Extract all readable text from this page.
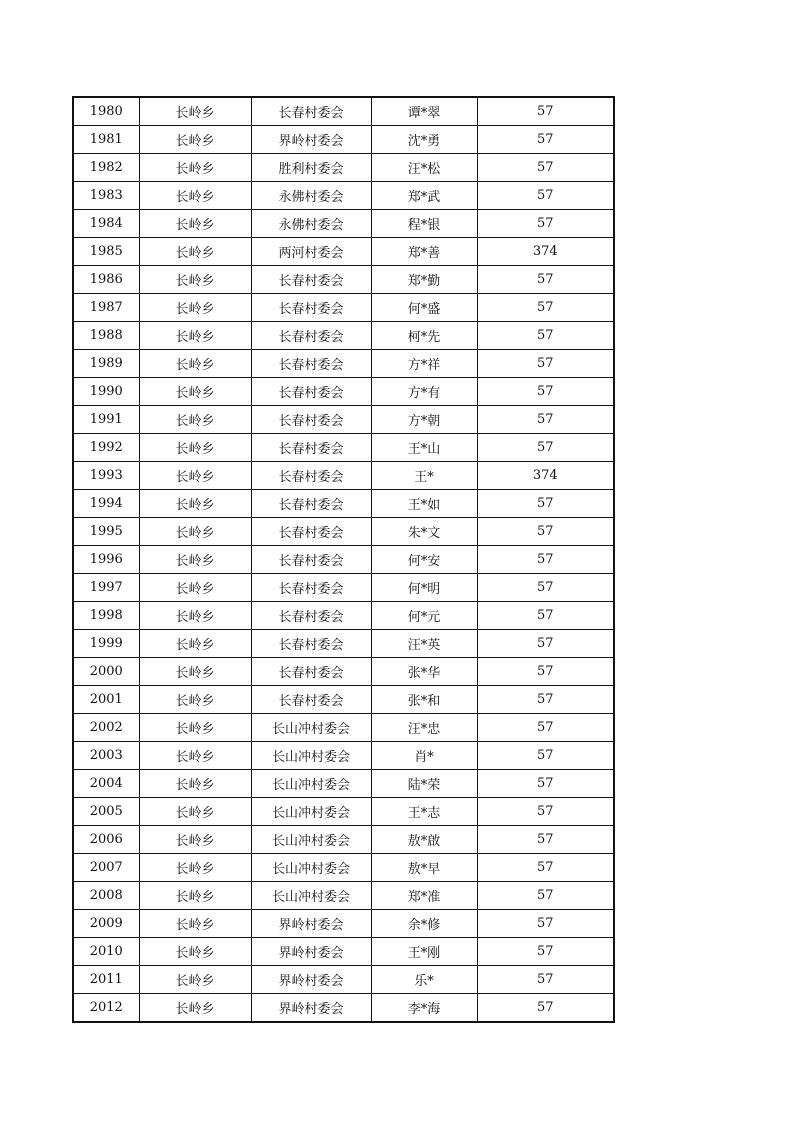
1980	长岭乡	长春村委会	谭*翠	57
1981	长岭乡	界岭村委会	沈*勇	57
1982	长岭乡	胜利村委会	汪*松	57
1983	长岭乡	永佛村委会	郑*武	57
1984	长岭乡	永佛村委会	程*银	57
1985	长岭乡	两河村委会	郑*善	374
1986	长岭乡	长春村委会	郑*勤	57
1987	长岭乡	长春村委会	何*盛	57
1988	长岭乡	长春村委会	柯*先	57
1989	长岭乡	长春村委会	方*祥	57
1990	长岭乡	长春村委会	方*有	57
1991	长岭乡	长春村委会	方*朝	57
1992	长岭乡	长春村委会	王*山	57
1993	长岭乡	长春村委会	王*	374
1994	长岭乡	长春村委会	王*如	57
1995	长岭乡	长春村委会	朱*文	57
1996	长岭乡	长春村委会	何*安	57
1997	长岭乡	长春村委会	何*明	57
1998	长岭乡	长春村委会	何*元	57
1999	长岭乡	长春村委会	汪*英	57
2000	长岭乡	长春村委会	张*华	57
2001	长岭乡	长春村委会	张*和	57
2002	长岭乡	长山冲村委会	汪*忠	57
2003	长岭乡	长山冲村委会	肖*	57
2004	长岭乡	长山冲村委会	陆*荣	57
2005	长岭乡	长山冲村委会	王*志	57
2006	长岭乡	长山冲村委会	敖*啟	57
2007	长岭乡	长山冲村委会	敖*早	57
2008	长岭乡	长山冲村委会	郑*准	57
2009	长岭乡	界岭村委会	余*修	57
2010	长岭乡	界岭村委会	王*刚	57
2011	长岭乡	界岭村委会	乐*	57
2012	长岭乡	界岭村委会	李*海	57
